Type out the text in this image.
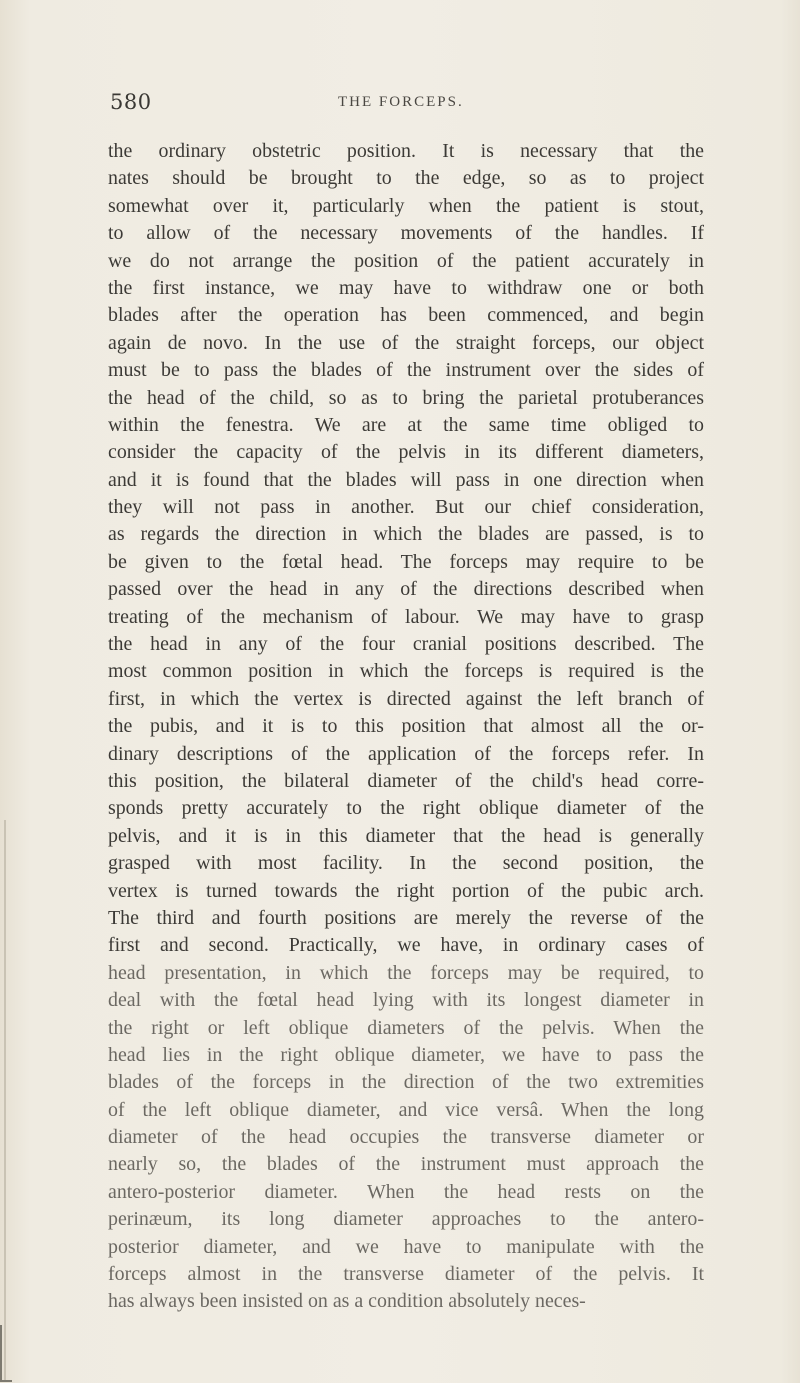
580	THE FORCEPS.
the ordinary obstetric position. It is necessary that the
nates should be brought to the edge, so as to project
somewhat over it, particularly when the patient is stout,
to allow of the necessary movements of the handles. If
we do not arrange the position of the patient accurately in
the first instance, we may have to withdraw one or both
blades after the operation has been commenced, and begin
again de novo. In the use of the straight forceps, our object
must be to pass the blades of the instrument over the sides of
the head of the child, so as to bring the parietal protuberances
within the fenestra. We are at the same time obliged to
consider the capacity of the pelvis in its different diameters,
and it is found that the blades will pass in one direction when
they will not pass in another. But our chief consideration,
as regards the direction in which the blades are passed, is to
be given to the fœtal head. The forceps may require to be
passed over the head in any of the directions described when
treating of the mechanism of labour. We may have to grasp
the head in any of the four cranial positions described. The
most common position in which the forceps is required is the
first, in which the vertex is directed against the left branch of
the pubis, and it is to this position that almost all the or-
dinary descriptions of the application of the forceps refer. In
this position, the bilateral diameter of the child's head corre-
sponds pretty accurately to the right oblique diameter of the
pelvis, and it is in this diameter that the head is generally
grasped with most facility. In the second position, the
vertex is turned towards the right portion of the pubic arch.
The third and fourth positions are merely the reverse of the
first and second. Practically, we have, in ordinary cases of
head presentation, in which the forceps may be required, to
deal with the fœtal head lying with its longest diameter in
the right or left oblique diameters of the pelvis. When the
head lies in the right oblique diameter, we have to pass the
blades of the forceps in the direction of the two extremities
of the left oblique diameter, and vice versâ. When the long
diameter of the head occupies the transverse diameter or
nearly so, the blades of the instrument must approach the
antero-posterior diameter. When the head rests on the
perinæum, its long diameter approaches to the antero-
posterior diameter, and we have to manipulate with the
forceps almost in the transverse diameter of the pelvis. It
has always been insisted on as a condition absolutely neces-
